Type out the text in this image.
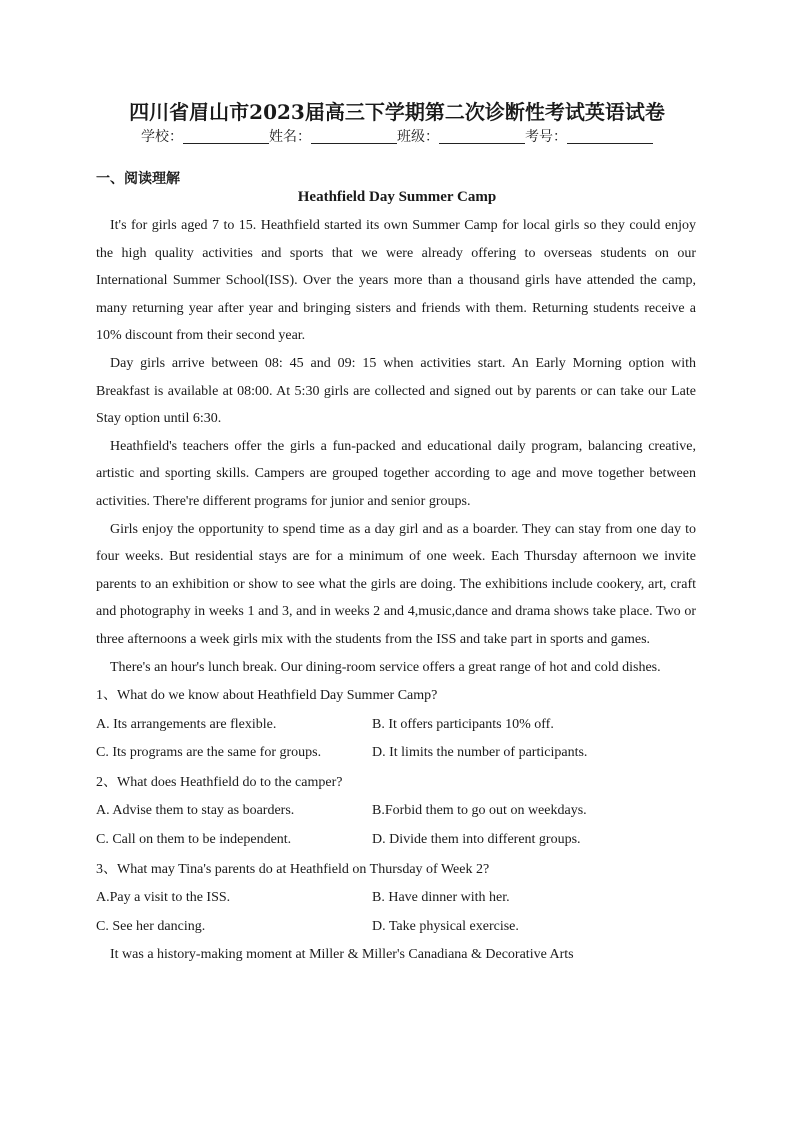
四川省眉山市2023届高三下学期第二次诊断性考试英语试卷
学校：	姓名：	班级：	考号：
一、阅读理解
Heathfield Day Summer Camp

It's for girls aged 7 to 15. Heathfield started its own Summer Camp for local girls so they could enjoy the high quality activities and sports that we were already offering to overseas students on our International Summer School(ISS). Over the years more than a thousand girls have attended the camp, many returning year after year and bringing sisters and friends with them. Returning students receive a 10% discount from their second year.

Day girls arrive between 08: 45 and 09: 15 when activities start. An Early Morning option with Breakfast is available at 08:00. At 5:30 girls are collected and signed out by parents or can take our Late Stay option until 6:30.

Heathfield's teachers offer the girls a fun-packed and educational daily program, balancing creative, artistic and sporting skills. Campers are grouped together according to age and move together between activities. There're different programs for junior and senior groups.

Girls enjoy the opportunity to spend time as a day girl and as a boarder. They can stay from one day to four weeks. But residential stays are for a minimum of one week. Each Thursday afternoon we invite parents to an exhibition or show to see what the girls are doing. The exhibitions include cookery, art, craft and photography in weeks 1 and 3, and in weeks 2 and 4,music,dance and drama shows take place. Two or three afternoons a week girls mix with the students from the ISS and take part in sports and games.

There's an hour's lunch break. Our dining-room service offers a great range of hot and cold dishes.

1、What do we know about Heathfield Day Summer Camp?

A. Its arrangements are flexible.	B. It offers participants 10% off.
C. Its programs are the same for groups.	D. It limits the number of participants.

2、What does Heathfield do to the camper?

A. Advise them to stay as boarders.	B.Forbid them to go out on weekdays.
C. Call on them to be independent.	D. Divide them into different groups.

3、What may Tina's parents do at Heathfield on Thursday of Week 2?

A.Pay a visit to the ISS.	B. Have dinner with her.
C. See her dancing.	D. Take physical exercise.

It was a history-making moment at Miller & Miller's Canadiana & Decorative Arts
